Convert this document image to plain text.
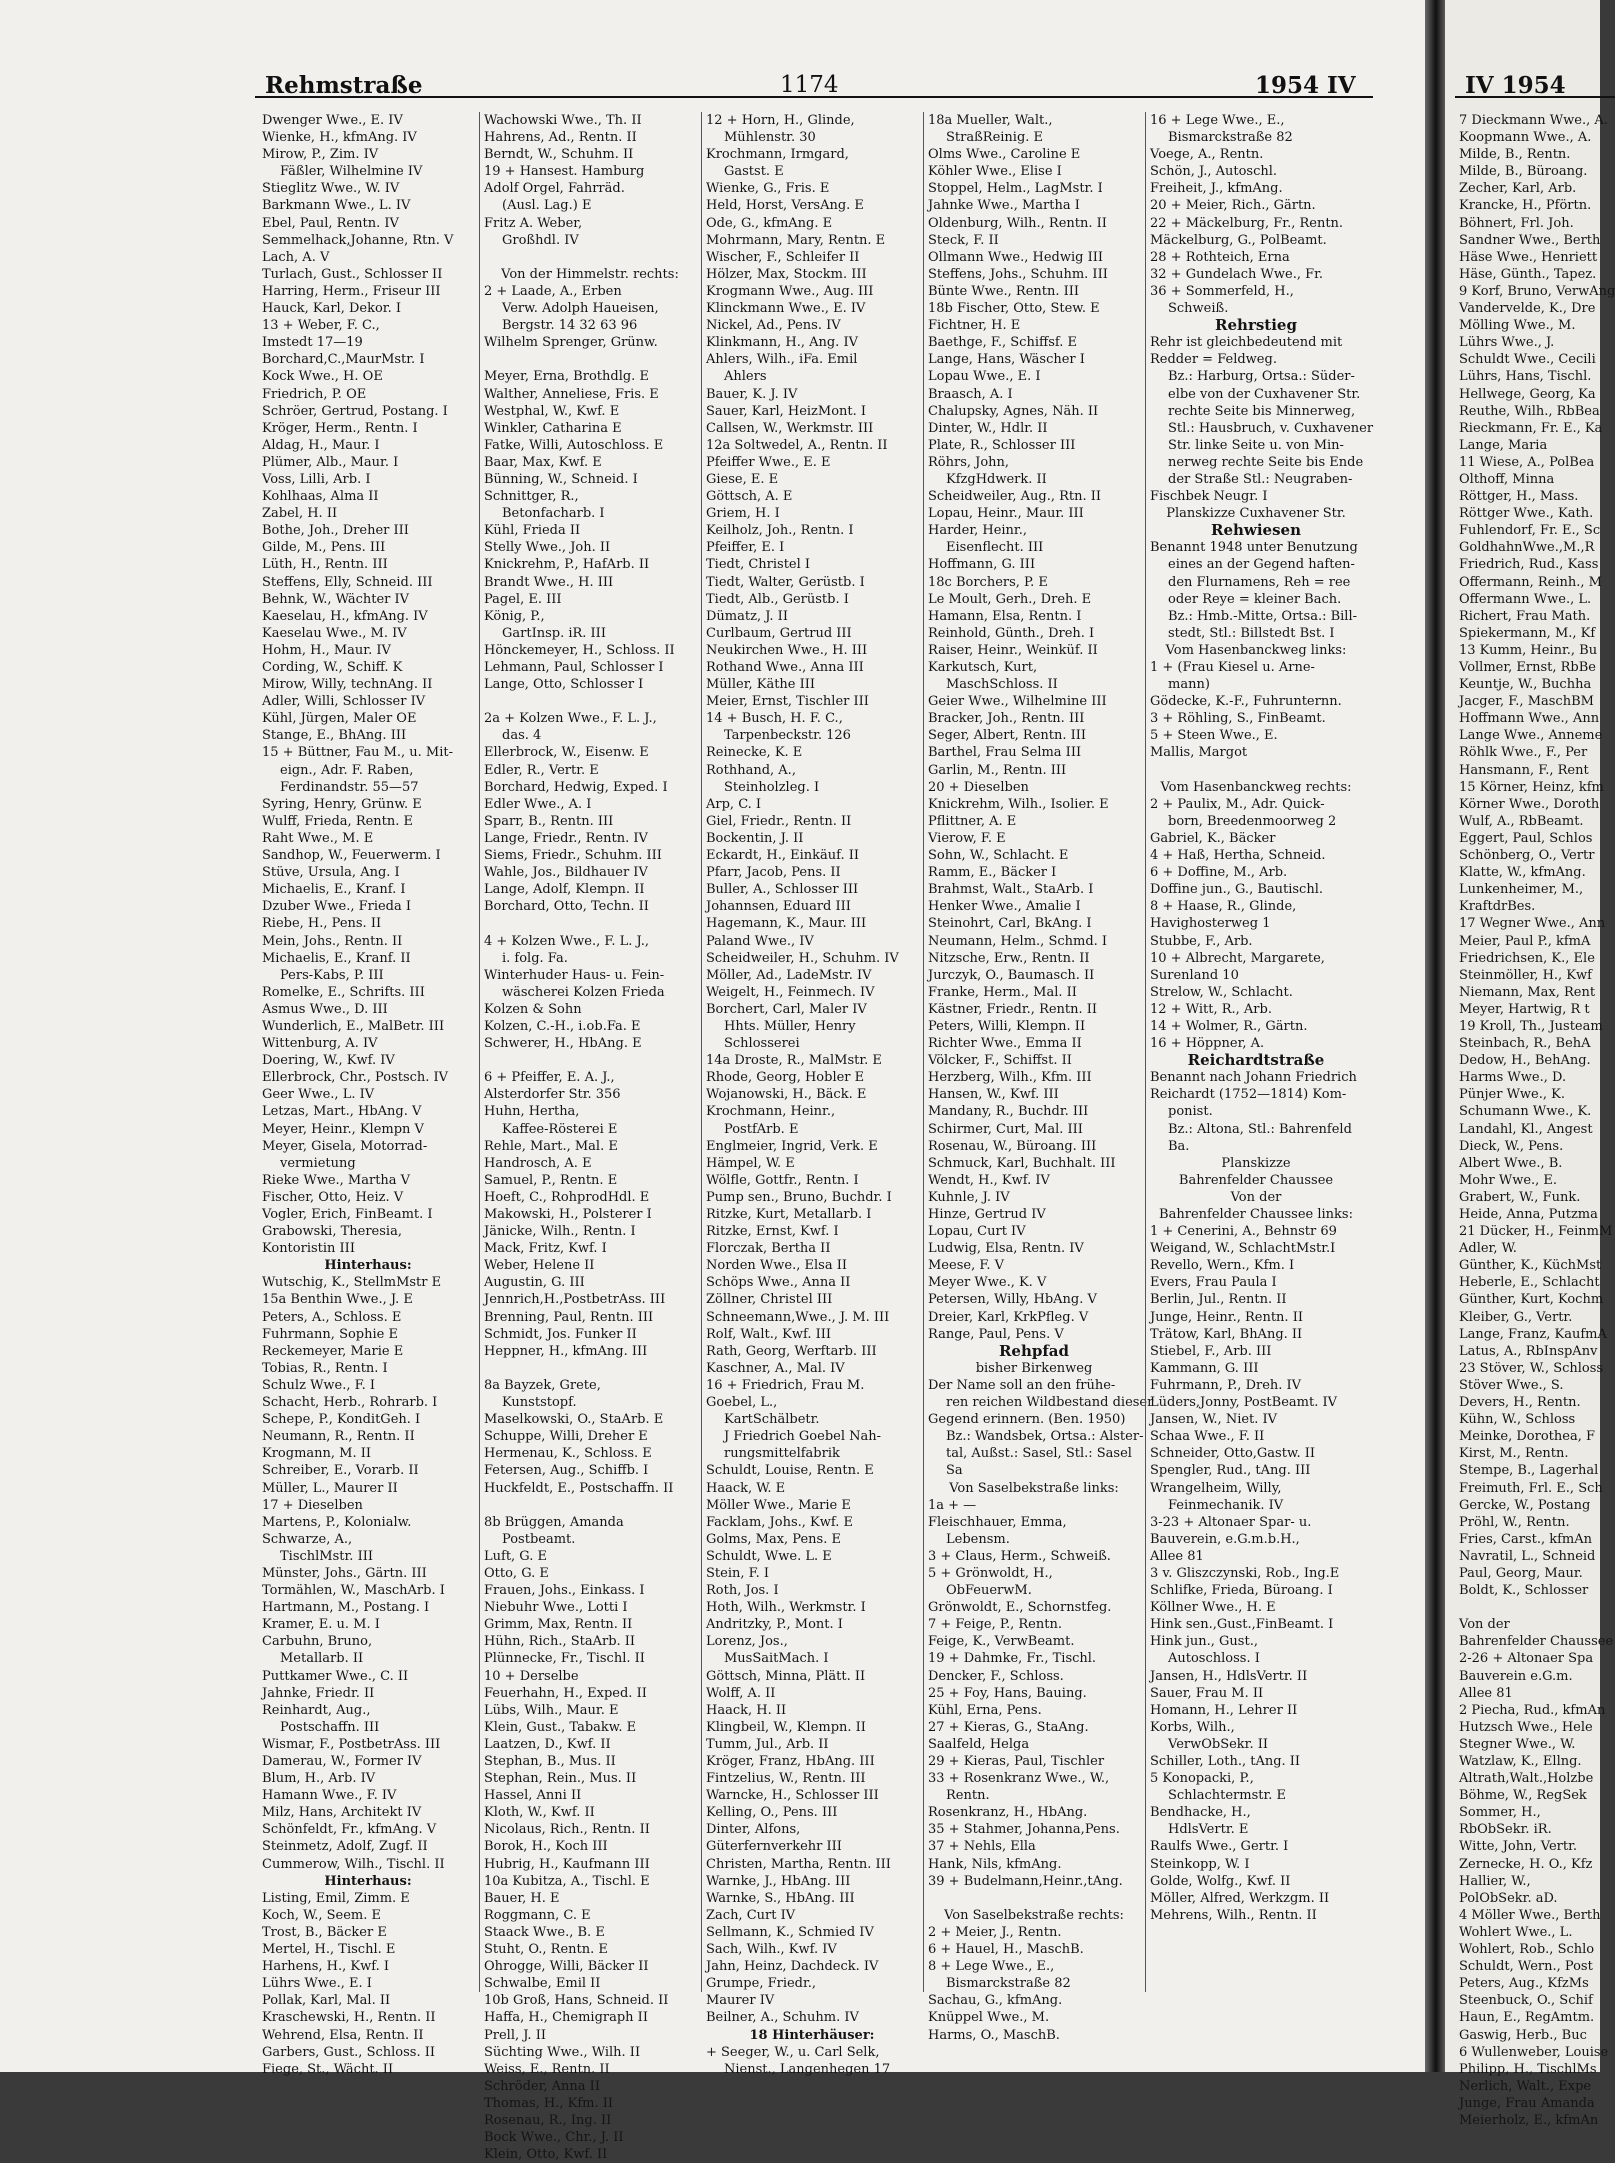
Rehmstraße	1174	1954 IV
Dwenger Wwe., E. IV
Wienke, H., kfmAng. IV
Mirow, P., Zim. IV
Fäßler, Wilhelmine IV
Stieglitz Wwe., W. IV
Barkmann Wwe., L. IV
Ebel, Paul, Rentn. IV
Semmelhack,Johanne, Rtn. V
Lach, A. V
Turlach, Gust., Schlosser II
Harring, Herm., Friseur III
Hauck, Karl, Dekor. I
13 + Weber, F. C.,
Imstedt 17—19
Borchard,C.,MaurMstr. I
Kock Wwe., H. OE
Friedrich, P. OE
Schröer, Gertrud, Postang. I
Kröger, Herm., Rentn. I
Aldag, H., Maur. I
Plümer, Alb., Maur. I
Voss, Lilli, Arb. I
Kohlhaas, Alma II
Zabel, H. II
Bothe, Joh., Dreher III
Gilde, M., Pens. III
Lüth, H., Rentn. III
Steffens, Elly, Schneid. III
Behnk, W., Wächter IV
Kaeselau, H., kfmAng. IV
Kaeselau Wwe., M. IV
Hohm, H., Maur. IV
Cording, W., Schiff. K
Mirow, Willy, technAng. II
Adler, Willi, Schlosser IV
Kühl, Jürgen, Maler OE
Stange, E., BhAng. III
15 + Büttner, Fau M., u. Mit-
eign., Adr. F. Raben,
Ferdinandstr. 55—57
Syring, Henry, Grünw. E
Wulff, Frieda, Rentn. E
Raht Wwe., M. E
Sandhop, W., Feuerwerm. I
Stüve, Ursula, Ang. I
Michaelis, E., Kranf. I
Dzuber Wwe., Frieda I
Riebe, H., Pens. II
Mein, Johs., Rentn. II
Michaelis, E., Kranf. II
Pers-Kabs, P. III
Romelke, E., Schrifts. III
Asmus Wwe., D. III
Wunderlich, E., MalBetr. III
Wittenburg, A. IV
Doering, W., Kwf. IV
Ellerbrock, Chr., Postsch. IV
Geer Wwe., L. IV
Letzas, Mart., HbAng. V
Meyer, Heinr., Klempn V
Meyer, Gisela, Motorrad-
vermietung
Rieke Wwe., Martha V
Fischer, Otto, Heiz. V
Vogler, Erich, FinBeamt. I
Grabowski, Theresia,
Kontoristin III
Hinterhaus:
Wutschig, K., StellmMstr E
15a Benthin Wwe., J. E
Peters, A., Schloss. E
Fuhrmann, Sophie E
Reckemeyer, Marie E
Tobias, R., Rentn. I
Schulz Wwe., F. I
Schacht, Herb., Rohrarb. I
Schepe, P., KonditGeh. I
Neumann, R., Rentn. II
Krogmann, M. II
Schreiber, E., Vorarb. II
Müller, L., Maurer II
17 + Dieselben
Martens, P., Kolonialw.
Schwarze, A.,
TischlMstr. III
Münster, Johs., Gärtn. III
Tormählen, W., MaschArb. I
Hartmann, M., Postang. I
Kramer, E. u. M. I
Carbuhn, Bruno,
Metallarb. II
Puttkamer Wwe., C. II
Jahnke, Friedr. II
Reinhardt, Aug.,
Postschaffn. III
Wismar, F., PostbetrAss. III
Damerau, W., Former IV
Blum, H., Arb. IV
Hamann Wwe., F. IV
Milz, Hans, Architekt IV
Schönfeldt, Fr., kfmAng. V
Steinmetz, Adolf, Zugf. II
Cummerow, Wilh., Tischl. II
Hinterhaus:
Listing, Emil, Zimm. E
Koch, W., Seem. E
Trost, B., Bäcker E
Mertel, H., Tischl. E
Harhens, H., Kwf. I
Lührs Wwe., E. I
Pollak, Karl, Mal. II
Kraschewski, H., Rentn. II
Wehrend, Elsa, Rentn. II
Garbers, Gust., Schloss. II
Fiege, St., Wächt. II
Wachowski Wwe., Th. II
Hahrens, Ad., Rentn. II
Berndt, W., Schuhm. II
19 + Hansest. Hamburg
Adolf Orgel, Fahrräd.
(Ausl. Lag.) E
Fritz A. Weber,
Großhdl. IV
Von der Himmelstr. rechts:
2 + Laade, A., Erben
Verw. Adolph Haueisen,
Bergstr. 14 32 63 96
Wilhelm Sprenger, Grünw.
Meyer, Erna, Brothdlg. E
Walther, Anneliese, Fris. E
Westphal, W., Kwf. E
Winkler, Catharina E
Fatke, Willi, Autoschloss. E
Baar, Max, Kwf. E
Bünning, W., Schneid. I
Schnittger, R.,
Betonfacharb. I
Kühl, Frieda II
Stelly Wwe., Joh. II
Knickrehm, P., HafArb. II
Brandt Wwe., H. III
Pagel, E. III
König, P.,
GartInsp. iR. III
Hönckemeyer, H., Schloss. II
Lehmann, Paul, Schlosser I
Lange, Otto, Schlosser I
2a + Kolzen Wwe., F. L. J.,
das. 4
Ellerbrock, W., Eisenw. E
Edler, R., Vertr. E
Borchard, Hedwig, Exped. I
Edler Wwe., A. I
Sparr, B., Rentn. III
Lange, Friedr., Rentn. IV
Siems, Friedr., Schuhm. III
Wahle, Jos., Bildhauer IV
Lange, Adolf, Klempn. II
Borchard, Otto, Techn. II
4 + Kolzen Wwe., F. L. J.,
i. folg. Fa.
Winterhuder Haus- u. Fein-
wäscherei Kolzen Frieda
Kolzen & Sohn
Kolzen, C.-H., i.ob.Fa. E
Schwerer, H., HbAng. E
6 + Pfeiffer, E. A. J.,
Alsterdorfer Str. 356
Huhn, Hertha,
Kaffee-Rösterei E
Rehle, Mart., Mal. E
Handrosch, A. E
Samuel, P., Rentn. E
Hoeft, C., RohprodHdl. E
Makowski, H., Polsterer I
Jänicke, Wilh., Rentn. I
Mack, Fritz, Kwf. I
Weber, Helene II
Augustin, G. III
Jennrich,H.,PostbetrAss. III
Brenning, Paul, Rentn. III
Schmidt, Jos. Funker II
Heppner, H., kfmAng. III
8a Bayzek, Grete,
Kunststopf.
Maselkowski, O., StaArb. E
Schuppe, Willi, Dreher E
Hermenau, K., Schloss. E
Fetersen, Aug., Schiffb. I
Huckfeldt, E., Postschaffn. II
8b Brüggen, Amanda
Postbeamt.
Luft, G. E
Otto, G. E
Frauen, Johs., Einkass. I
Niebuhr Wwe., Lotti I
Grimm, Max, Rentn. II
Hühn, Rich., StaArb. II
Plünnecke, Fr., Tischl. II
10 + Derselbe
Feuerhahn, H., Exped. II
Lübs, Wilh., Maur. E
Klein, Gust., Tabakw. E
Laatzen, D., Kwf. II
Stephan, B., Mus. II
Stephan, Rein., Mus. II
Hassel, Anni II
Kloth, W., Kwf. II
Nicolaus, Rich., Rentn. II
Borok, H., Koch III
Hubrig, H., Kaufmann III
10a Kubitza, A., Tischl. E
Bauer, H. E
Roggmann, C. E
Staack Wwe., B. E
Stuht, O., Rentn. E
Ohrogge, Willi, Bäcker II
Schwalbe, Emil II
10b Groß, Hans, Schneid. II
Haffa, H., Chemigraph II
Prell, J. II
Süchting Wwe., Wilh. II
Weiss, E., Rentn. II
Schröder, Anna II
Thomas, H., Kfm. II
Rosenau, R., Ing. II
Bock Wwe., Chr., J. II
Klein, Otto, Kwf. II
12 + Horn, H., Glinde,
Mühlenstr. 30
Krochmann, Irmgard,
Gastst. E
Wienke, G., Fris. E
Held, Horst, VersAng. E
Ode, G., kfmAng. E
Mohrmann, Mary, Rentn. E
Wischer, F., Schleifer II
Hölzer, Max, Stockm. III
Krogmann Wwe., Aug. III
Klinckmann Wwe., E. IV
Nickel, Ad., Pens. IV
Klinkmann, H., Ang. IV
Ahlers, Wilh., iFa. Emil
Ahlers
Bauer, K. J. IV
Sauer, Karl, HeizMont. I
Callsen, W., Werkmstr. III
12a Soltwedel, A., Rentn. II
Pfeiffer Wwe., E. E
Giese, E. E
Göttsch, A. E
Griem, H. I
Keilholz, Joh., Rentn. I
Pfeiffer, E. I
Tiedt, Christel I
Tiedt, Walter, Gerüstb. I
Tiedt, Alb., Gerüstb. I
Dümatz, J. II
Curlbaum, Gertrud III
Neukirchen Wwe., H. III
Rothand Wwe., Anna III
Müller, Käthe III
Meier, Ernst, Tischler III
14 + Busch, H. F. C.,
Tarpenbeckstr. 126
Reinecke, K. E
Rothhand, A.,
Steinholzleg. I
Arp, C. I
Giel, Friedr., Rentn. II
Bockentin, J. II
Eckardt, H., Einkäuf. II
Pfarr, Jacob, Pens. II
Buller, A., Schlosser III
Johannsen, Eduard III
Hagemann, K., Maur. III
Paland Wwe., IV
Scheidweiler, H., Schuhm. IV
Möller, Ad., LadeMstr. IV
Weigelt, H., Feinmech. IV
Borchert, Carl, Maler IV
Hhts. Müller, Henry
Schlosserei
14a Droste, R., MalMstr. E
Rhode, Georg, Hobler E
Wojanowski, H., Bäck. E
Krochmann, Heinr.,
PostfArb. E
Englmeier, Ingrid, Verk. E
Hämpel, W. E
Wölfle, Gottfr., Rentn. I
Pump sen., Bruno, Buchdr. I
Ritzke, Kurt, Metallarb. I
Ritzke, Ernst, Kwf. I
Florczak, Bertha II
Norden Wwe., Elsa II
Schöps Wwe., Anna II
Zöllner, Christel III
Schneemann,Wwe., J. M. III
Rolf, Walt., Kwf. III
Rath, Georg, Werftarb. III
Kaschner, A., Mal. IV
16 + Friedrich, Frau M.
Goebel, L.,
KartSchälbetr.
J Friedrich Goebel Nah-
rungsmittelfabrik
Schuldt, Louise, Rentn. E
Haack, W. E
Möller Wwe., Marie E
Facklam, Johs., Kwf. E
Golms, Max, Pens. E
Schuldt, Wwe. L. E
Stein, F. I
Roth, Jos. I
Hoth, Wilh., Werkmstr. I
Andritzky, P., Mont. I
Lorenz, Jos.,
MusSaitMach. I
Göttsch, Minna, Plätt. II
Wolff, A. II
Haack, H. II
Klingbeil, W., Klempn. II
Tumm, Jul., Arb. II
Kröger, Franz, HbAng. III
Fintzelius, W., Rentn. III
Warncke, H., Schlosser III
Kelling, O., Pens. III
Dinter, Alfons,
Güterfernverkehr III
Christen, Martha, Rentn. III
Warnke, J., HbAng. III
Warnke, S., HbAng. III
Zach, Curt IV
Sellmann, K., Schmied IV
Sach, Wilh., Kwf. IV
Jahn, Heinz, Dachdeck. IV
Grumpe, Friedr.,
Maurer IV
Beilner, A., Schuhm. IV
18 Hinterhäuser:
+ Seeger, W., u. Carl Selk,
Nienst., Langenhegen 17
18a Mueller, Walt.,
StraßReinig. E
Olms Wwe., Caroline E
Köhler Wwe., Elise I
Stoppel, Helm., LagMstr. I
Jahnke Wwe., Martha I
Oldenburg, Wilh., Rentn. II
Steck, F. II
Ollmann Wwe., Hedwig III
Steffens, Johs., Schuhm. III
Bünte Wwe., Rentn. III
18b Fischer, Otto, Stew. E
Fichtner, H. E
Baethge, F., Schiffsf. E
Lange, Hans, Wäscher I
Lopau Wwe., E. I
Braasch, A. I
Chalupsky, Agnes, Näh. II
Dinter, W., Hdlr. II
Plate, R., Schlosser III
Röhrs, John,
KfzgHdwerk. II
Scheidweiler, Aug., Rtn. II
Lopau, Heinr., Maur. III
Harder, Heinr.,
Eisenflecht. III
Hoffmann, G. III
18c Borchers, P. E
Le Moult, Gerh., Dreh. E
Hamann, Elsa, Rentn. I
Reinhold, Günth., Dreh. I
Raiser, Heinr., Weinküf. II
Karkutsch, Kurt,
MaschSchloss. II
Geier Wwe., Wilhelmine III
Bracker, Joh., Rentn. III
Seger, Albert, Rentn. III
Barthel, Frau Selma III
Garlin, M., Rentn. III
20 + Dieselben
Knickrehm, Wilh., Isolier. E
Pflittner, A. E
Vierow, F. E
Sohn, W., Schlacht. E
Ramm, E., Bäcker I
Brahmst, Walt., StaArb. I
Henker Wwe., Amalie I
Steinohrt, Carl, BkAng. I
Neumann, Helm., Schmd. I
Nitzsche, Erw., Rentn. II
Jurczyk, O., Baumasch. II
Franke, Herm., Mal. II
Kästner, Friedr., Rentn. II
Peters, Willi, Klempn. II
Richter Wwe., Emma II
Völcker, F., Schiffst. II
Herzberg, Wilh., Kfm. III
Hansen, W., Kwf. III
Mandany, R., Buchdr. III
Schirmer, Curt, Mal. III
Rosenau, W., Büroang. III
Schmuck, Karl, Buchhalt. III
Wendt, H., Kwf. IV
Kuhnle, J. IV
Hinze, Gertrud IV
Lopau, Curt IV
Ludwig, Elsa, Rentn. IV
Meese, F. V
Meyer Wwe., K. V
Petersen, Willy, HbAng. V
Dreier, Karl, KrkPfleg. V
Range, Paul, Pens. V
Rehpfad
bisher Birkenweg
Der Name soll an den frühe-
ren reichen Wildbestand dieser
Gegend erinnern. (Ben. 1950)
Bz.: Wandsbek, Ortsa.: Alster-
tal, Außst.: Sasel, Stl.: Sasel
Sa
Von Saselbekstraße links:
1a + —
Fleischhauer, Emma,
Lebensm.
3 + Claus, Herm., Schweiß.
5 + Grönwoldt, H.,
ObFeuerwM.
Grönwoldt, E., Schornstfeg.
7 + Feige, P., Rentn.
Feige, K., VerwBeamt.
19 + Dahmke, Fr., Tischl.
Dencker, F., Schloss.
25 + Foy, Hans, Bauing.
Kühl, Erna, Pens.
27 + Kieras, G., StaAng.
Saalfeld, Helga
29 + Kieras, Paul, Tischler
33 + Rosenkranz Wwe., W.,
Rentn.
Rosenkranz, H., HbAng.
35 + Stahmer, Johanna,Pens.
37 + Nehls, Ella
Hank, Nils, kfmAng.
39 + Budelmann,Heinr.,tAng.
Von Saselbekstraße rechts:
2 + Meier, J., Rentn.
6 + Hauel, H., MaschB.
8 + Lege Wwe., E.,
Bismarckstraße 82
Sachau, G., kfmAng.
Knüppel Wwe., M.
Harms, O., MaschB.
16 + Lege Wwe., E.,
Bismarckstraße 82
Voege, A., Rentn.
Schön, J., Autoschl.
Freiheit, J., kfmAng.
20 + Meier, Rich., Gärtn.
22 + Mäckelburg, Fr., Rentn.
Mäckelburg, G., PolBeamt.
28 + Rothteich, Erna
32 + Gundelach Wwe., Fr.
36 + Sommerfeld, H.,
Schweiß.
Rehrstieg
Rehr ist gleichbedeutend mit
Redder = Feldweg.
Bz.: Harburg, Ortsa.: Süder-
elbe von der Cuxhavener Str.
rechte Seite bis Minnerweg,
Stl.: Hausbruch, v. Cuxhavener
Str. linke Seite u. von Min-
nerweg rechte Seite bis Ende
der Straße Stl.: Neugraben-
Fischbek Neugr. I
Planskizze Cuxhavener Str.
Rehwiesen
Benannt 1948 unter Benutzung
eines an der Gegend haften-
den Flurnamens, Reh = ree
oder Reye = kleiner Bach.
Bz.: Hmb.-Mitte, Ortsa.: Bill-
stedt, Stl.: Billstedt Bst. I
Vom Hasenbanckweg links:
1 + (Frau Kiesel u. Arne-
mann)
Gödecke, K.-F., Fuhrunternn.
3 + Röhling, S., FinBeamt.
5 + Steen Wwe., E.
Mallis, Margot
Vom Hasenbanckweg rechts:
2 + Paulix, M., Adr. Quick-
born, Breedenmoorweg 2
Gabriel, K., Bäcker
4 + Haß, Hertha, Schneid.
6 + Doffine, M., Arb.
Doffine jun., G., Bautischl.
8 + Haase, R., Glinde,
Havighosterweg 1
Stubbe, F., Arb.
10 + Albrecht, Margarete,
Surenland 10
Strelow, W., Schlacht.
12 + Witt, R., Arb.
14 + Wolmer, R., Gärtn.
16 + Höppner, A.
Reichardtstraße
Benannt nach Johann Friedrich
Reichardt (1752—1814) Kom-
ponist.
Bz.: Altona, Stl.: Bahrenfeld
Ba.
Planskizze
Bahrenfelder Chaussee
Von der
Bahrenfelder Chaussee links:
1 + Cenerini, A., Behnstr 69
Weigand, W., SchlachtMstr.I
Revello, Wern., Kfm. I
Evers, Frau Paula I
Berlin, Jul., Rentn. II
Junge, Heinr., Rentn. II
Trätow, Karl, BhAng. II
Stiebel, F., Arb. III
Kammann, G. III
Fuhrmann, P., Dreh. IV
Lüders,Jonny, PostBeamt. IV
Jansen, W., Niet. IV
Schaa Wwe., F. II
Schneider, Otto,Gastw. II
Spengler, Rud., tAng. III
Wrangelheim, Willy,
Feinmechanik. IV
3-23 + Altonaer Spar- u.
Bauverein, e.G.m.b.H.,
Allee 81
3 v. Gliszczynski, Rob., Ing.E
Schlifke, Frieda, Büroang. I
Köllner Wwe., H. E
Hink sen.,Gust.,FinBeamt. I
Hink jun., Gust.,
Autoschloss. I
Jansen, H., HdlsVertr. II
Sauer, Frau M. II
Homann, H., Lehrer II
Korbs, Wilh.,
VerwObSekr. II
Schiller, Loth., tAng. II
5 Konopacki, P.,
Schlachtermstr. E
Bendhacke, H.,
HdlsVertr. E
Raulfs Wwe., Gertr. I
Steinkopp, W. I
Golde, Wolfg., Kwf. II
Möller, Alfred, Werkzgm. II
Mehrens, Wilh., Rentn. II
IV 1954
7 Dieckmann Wwe., A.
Koopmann Wwe., A.
Milde, B., Rentn.
Milde, B., Büroang.
Zecher, Karl, Arb.
Krancke, H., Pförtn.
Böhnert, Frl. Joh.
Sandner Wwe., Berth
Häse Wwe., Henriett
Häse, Günth., Tapez.
9 Korf, Bruno, VerwAng
Vandervelde, K., Dre
Mölling Wwe., M.
Lührs Wwe., J.
Schuldt Wwe., Cecili
Lührs, Hans, Tischl.
Hellwege, Georg, Ka
Reuthe, Wilh., RbBea
Rieckmann, Fr. E., Ka
Lange, Maria
11 Wiese, A., PolBea
Olthoff, Minna
Röttger, H., Mass.
Röttger Wwe., Kath.
Fuhlendorf, Fr. E., Sc
GoldhahnWwe.,M.,R
Friedrich, Rud., Kass
Offermann, Reinh., M
Offermann Wwe., L.
Richert, Frau Math.
Spiekermann, M., Kf
13 Kumm, Heinr., Bu
Vollmer, Ernst, RbBe
Keuntje, W., Buchha
Jacger, F., MaschBM
Hoffmann Wwe., Ann
Lange Wwe., Anneme
Röhlk Wwe., F., Per
Hansmann, F., Rent
15 Körner, Heinz, kfm
Körner Wwe., Doroth
Wulf, A., RbBeamt.
Eggert, Paul, Schlos
Schönberg, O., Vertr
Klatte, W., kfmAng.
Lunkenheimer, M.,
KraftdrBes.
17 Wegner Wwe., Ann
Meier, Paul P., kfmA
Friedrichsen, K., Ele
Steinmöller, H., Kwf
Niemann, Max, Rent
Meyer, Hartwig, R t
19 Kroll, Th., Justeam
Steinbach, R., BehA
Dedow, H., BehAng.
Harms Wwe., D.
Pünjer Wwe., K.
Schumann Wwe., K.
Landahl, Kl., Angest
Dieck, W., Pens.
Albert Wwe., B.
Mohr Wwe., E.
Grabert, W., Funk.
Heide, Anna, Putzma
21 Dücker, H., FeinmM
Adler, W.
Günther, K., KüchMst
Heberle, E., Schlacht
Günther, Kurt, Kochm
Kleiber, G., Vertr.
Lange, Franz, KaufmA
Latus, A., RbInspAnv
23 Stöver, W., Schloss
Stöver Wwe., S.
Devers, H., Rentn.
Kühn, W., Schloss
Meinke, Dorothea, F
Kirst, M., Rentn.
Stempe, B., Lagerhal
Freimuth, Frl. E., Sch
Gercke, W., Postang
Pröhl, W., Rentn.
Fries, Carst., kfmAn
Navratil, L., Schneid
Paul, Georg, Maur.
Boldt, K., Schlosser
Von der
Bahrenfelder Chaussee
2-26 + Altonaer Spa
Bauverein e.G.m.
Allee 81
2 Piecha, Rud., kfmAn
Hutzsch Wwe., Hele
Stegner Wwe., W.
Watzlaw, K., Ellng.
Altrath,Walt.,Holzbe
Böhme, W., RegSek
Sommer, H.,
RbObSekr. iR.
Witte, John, Vertr.
Zernecke, H. O., Kfz
Hallier, W.,
PolObSekr. aD.
4 Möller Wwe., Berth
Wohlert Wwe., L.
Wohlert, Rob., Schlo
Schuldt, Wern., Post
Peters, Aug., KfzMs
Steenbuck, O., Schif
Haun, E., RegAmtm.
Gaswig, Herb., Buc
6 Wullenweber, Louise
Philipp, H., TischlMs
Nerlich, Walt., Expe
Junge, Frau Amanda
Meierholz, E., kfmAn
